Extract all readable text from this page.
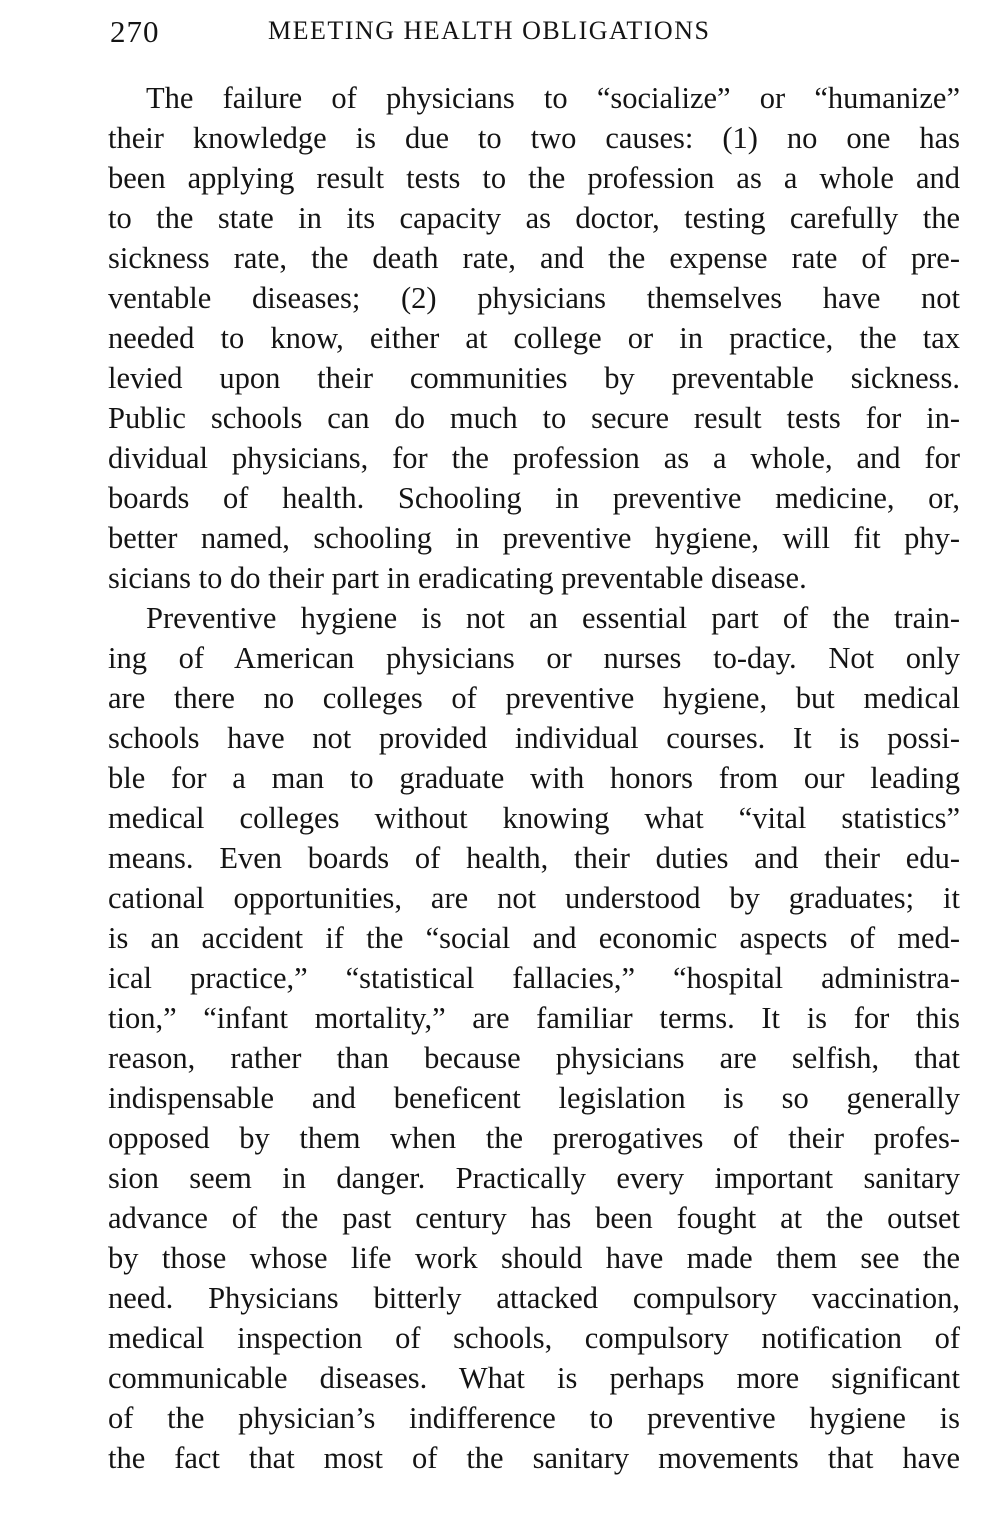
270	MEETING HEALTH OBLIGATIONS
The failure of physicians to “socialize” or “humanize”
their knowledge is due to two causes: (1) no one has
been applying result tests to the profession as a whole and
to the state in its capacity as doctor, testing carefully the
sickness rate, the death rate, and the expense rate of pre-
ventable diseases; (2) physicians themselves have not
needed to know, either at college or in practice, the tax
levied upon their communities by preventable sickness.
Public schools can do much to secure result tests for in-
dividual physicians, for the profession as a whole, and for
boards of health. Schooling in preventive medicine, or,
better named, schooling in preventive hygiene, will fit phy-
sicians to do their part in eradicating preventable disease.
Preventive hygiene is not an essential part of the train-
ing of American physicians or nurses to-day. Not only
are there no colleges of preventive hygiene, but medical
schools have not provided individual courses. It is possi-
ble for a man to graduate with honors from our leading
medical colleges without knowing what “vital statistics”
means. Even boards of health, their duties and their edu-
cational opportunities, are not understood by graduates; it
is an accident if the “social and economic aspects of med-
ical practice,” “statistical fallacies,” “hospital administra-
tion,” “infant mortality,” are familiar terms. It is for this
reason, rather than because physicians are selfish, that
indispensable and beneficent legislation is so generally
opposed by them when the prerogatives of their profes-
sion seem in danger. Practically every important sanitary
advance of the past century has been fought at the outset
by those whose life work should have made them see the
need. Physicians bitterly attacked compulsory vaccination,
medical inspection of schools, compulsory notification of
communicable diseases. What is perhaps more significant
of the physician’s indifference to preventive hygiene is
the fact that most of the sanitary movements that have
